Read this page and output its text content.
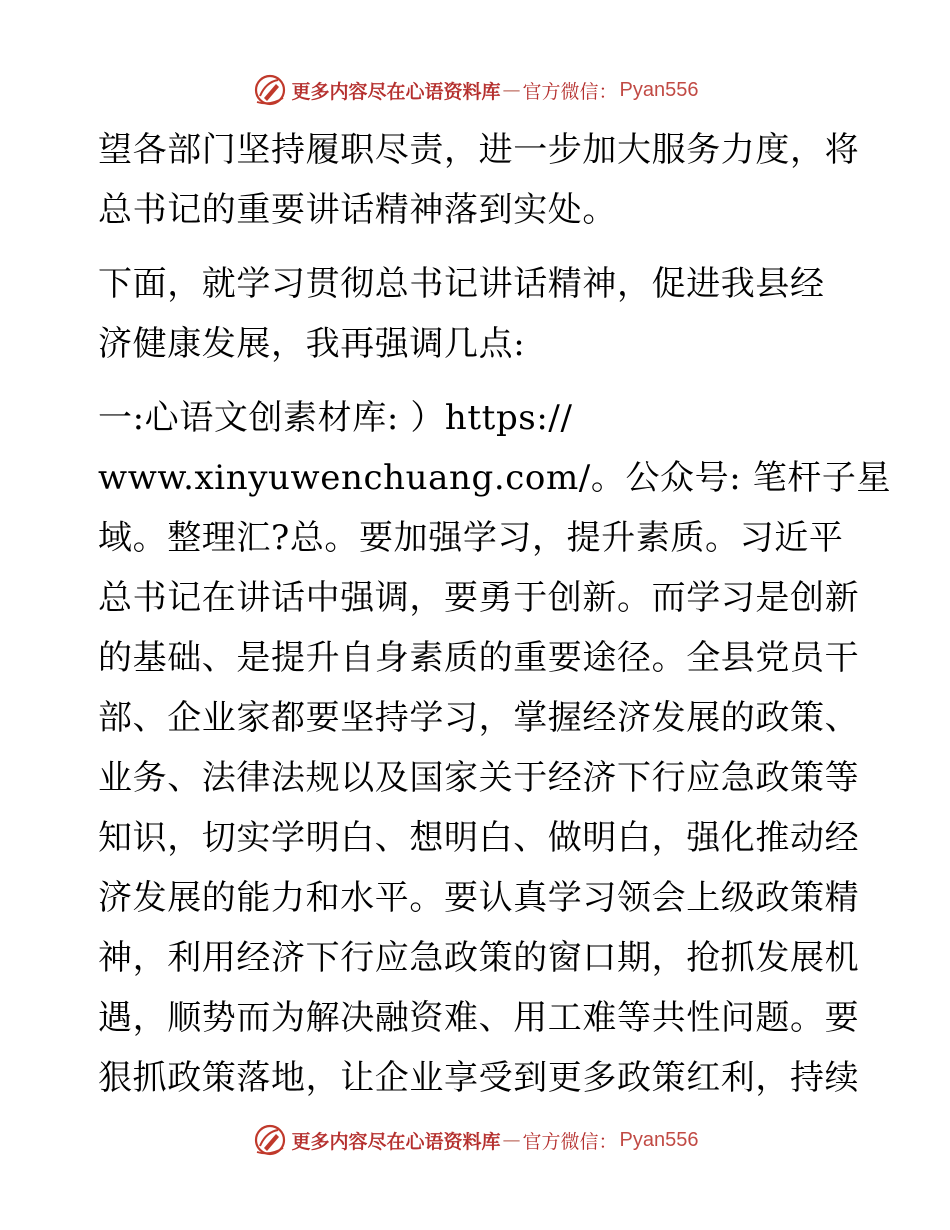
更多内容尽在心语资料库 — 官方微信： Pyan556
望各部门坚持履职尽责，进一步加大服务力度，将
总书记的重要讲话精神落到实处。
下面，就学习贯彻总书记讲话精神，促进我县经
济健康发展，我再强调几点:
一:心语文创素材库: ）https://
www.xinyuwenchuang.com/。公众号: 笔杆子星
域。整理汇?总。要加强学习，提升素质。习近平
总书记在讲话中强调，要勇于创新。而学习是创新
的基础、是提升自身素质的重要途径。全县党员干
部、企业家都要坚持学习，掌握经济发展的政策、
业务、法律法规以及国家关于经济下行应急政策等
知识，切实学明白、想明白、做明白，强化推动经
济发展的能力和水平。要认真学习领会上级政策精
神，利用经济下行应急政策的窗口期，抢抓发展机
遇，顺势而为解决融资难、用工难等共性问题。要
狠抓政策落地，让企业享受到更多政策红利，持续
更多内容尽在心语资料库 — 官方微信： Pyan556
